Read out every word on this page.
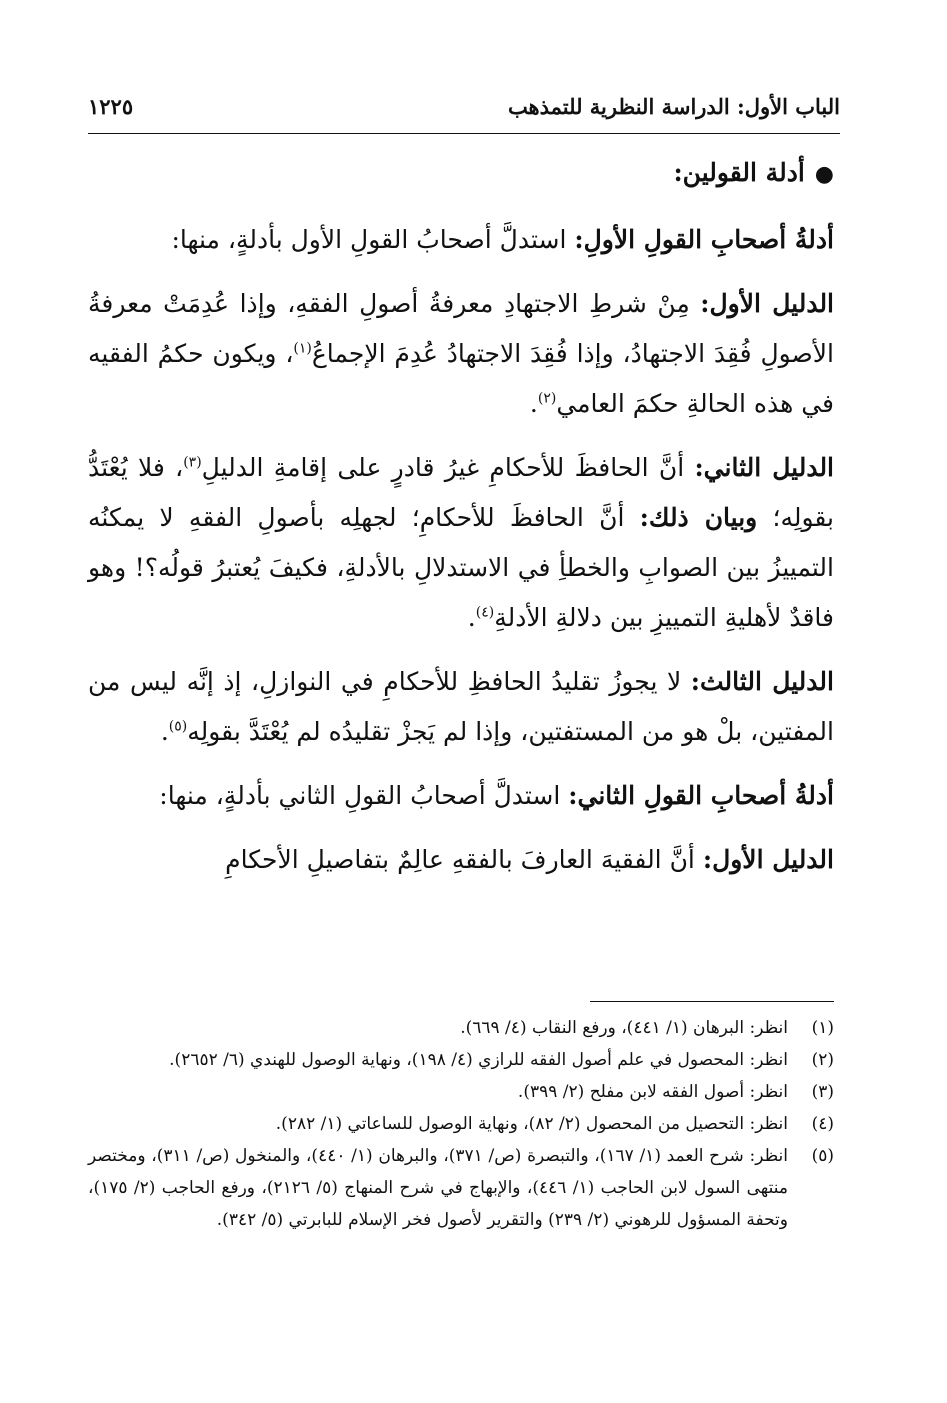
الباب الأول: الدراسة النظرية للتمذهب
١٢٢٥
●أدلة القولين:

أدلةُ أصحابِ القولِ الأولِ: استدلَّ أصحابُ القولِ الأول بأدلةٍ، منها:

الدليل الأول: مِنْ شرطِ الاجتهادِ معرفةُ أصولِ الفقهِ، وإذا عُدِمَتْ معرفةُ الأصولِ فُقِدَ الاجتهادُ، وإذا فُقِدَ الاجتهادُ عُدِمَ الإجماعُ$^{(١)}$، ويكون حكمُ الفقيه في هذه الحالةِ حكمَ العامي$^{(٢)}$.

الدليل الثاني: أنَّ الحافظَ للأحكامِ غيرُ قادرٍ على إقامةِ الدليلِ$^{(٣)}$، فلا يُعْتَدُّ بقولِه؛ وبيان ذلك: أنَّ الحافظَ للأحكامِ؛ لجهلِه بأصولِ الفقهِ لا يمكنُه التمييزُ بين الصوابِ والخطأِ في الاستدلالِ بالأدلةِ، فكيفَ يُعتبرُ قولُه؟! وهو فاقدٌ لأهليةِ التمييزِ بين دلالةِ الأدلةِ$^{(٤)}$.

الدليل الثالث: لا يجوزُ تقليدُ الحافظِ للأحكامِ في النوازلِ، إذ إنَّه ليس من المفتين، بلْ هو من المستفتين، وإذا لم يَجزْ تقليدُه لم يُعْتَدَّ بقولِه$^{(٥)}$.

أدلةُ أصحابِ القولِ الثاني: استدلَّ أصحابُ القولِ الثاني بأدلةٍ، منها:

الدليل الأول: أنَّ الفقيهَ العارفَ بالفقهِ عالِمٌ بتفاصيلِ الأحكامِ

(١)
انظر: البرهان (١/ ٤٤١)، ورفع النقاب (٤/ ٦٦٩).
(٢)
انظر: المحصول في علم أصول الفقه للرازي (٤/ ١٩٨)، ونهاية الوصول للهندي (٦/ ٢٦٥٢).
(٣)
انظر: أصول الفقه لابن مفلح (٢/ ٣٩٩).
(٤)
انظر: التحصيل من المحصول (٢/ ٨٢)، ونهاية الوصول للساعاتي (١/ ٢٨٢).
(٥)
انظر: شرح العمد (١/ ١٦٧)، والتبصرة (ص/ ٣٧١)، والبرهان (١/ ٤٤٠)، والمنخول (ص/ ٣١١)، ومختصر منتهى السول لابن الحاجب (١/ ٤٤٦)، والإبهاج في شرح المنهاج (٥/ ٢١٢٦)، ورفع الحاجب (٢/ ١٧٥)، وتحفة المسؤول للرهوني (٢/ ٢٣٩) والتقرير لأصول فخر الإسلام للبابرتي (٥/ ٣٤٢).
